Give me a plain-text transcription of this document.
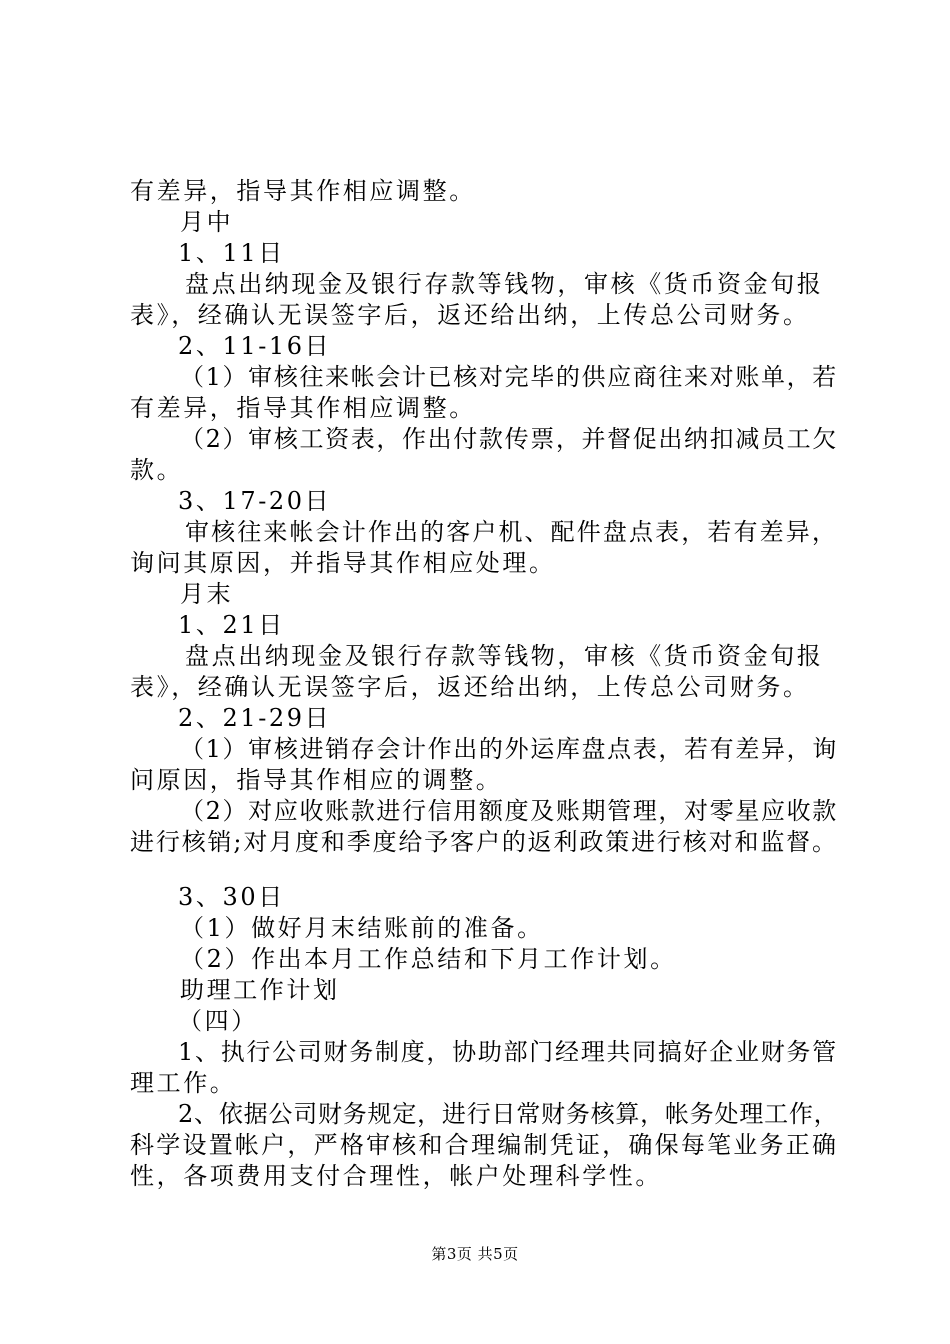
有差异，指导其作相应调整。
月中
1、11日
盘点出纳现金及银行存款等钱物，审核《货币资金旬报
表》，经确认无误签字后，返还给出纳，上传总公司财务。
2、11-16日
（1）审核往来帐会计已核对完毕的供应商往来对账单，若
有差异，指导其作相应调整。
（2）审核工资表，作出付款传票，并督促出纳扣减员工欠
款。
3、17-20日
审核往来帐会计作出的客户机、配件盘点表，若有差异，
询问其原因，并指导其作相应处理。
月末
1、21日
盘点出纳现金及银行存款等钱物，审核《货币资金旬报
表》，经确认无误签字后，返还给出纳，上传总公司财务。
2、21-29日
（1）审核进销存会计作出的外运库盘点表，若有差异，询
问原因，指导其作相应的调整。
（2）对应收账款进行信用额度及账期管理，对零星应收款
进行核销;对月度和季度给予客户的返利政策进行核对和监督。
3、30日
（1）做好月末结账前的准备。
（2）作出本月工作总结和下月工作计划。
助理工作计划
（四）
1、执行公司财务制度，协助部门经理共同搞好企业财务管
理工作。
2、依据公司财务规定，进行日常财务核算，帐务处理工作，
科学设置帐户，严格审核和合理编制凭证，确保每笔业务正确
性，各项费用支付合理性，帐户处理科学性。
第3页 共5页
